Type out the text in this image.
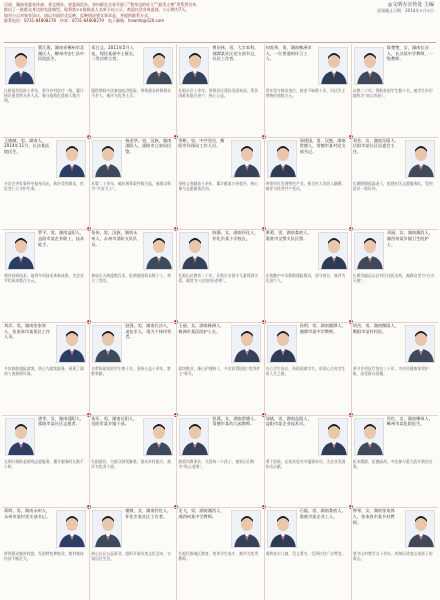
目前，湖南省委宣传部、省文明办、省委网信办、省妇联在全省开展了“我身边的好人”“最美人物”等系列宣传，
推出了一批群众身边的先进典型。现将第××批候选人名单予以公示，欢迎社会各界监督。公示期为7天。
如对公示对象有异议，请以书面形式反映，反映情况要实事求是，并提供联系方式。
联系电话：0731-84808278　传真：0731-84808279　电子邮箱：hnwmb@126.com
◎文明办宣传处 主编
投票截止日期：2014年×月×日
曹江燕，湖南省郴州市北湖区人，郴州市安仁县中医院医生。
扎根基层医院十余年，坚守乡村医疗一线，累计接诊患者两万余人次，参与抢救危重病人数百例。
邓日文，2011年5月入伍，现任某部中士班长，二等功荣立者。
服役期间多次参加抗洪抢险，带领战友转移群众千余人，被评为优秀士兵。
曾庆林，男，大学本科，湘潭某社区党支部书记，社区工作者。
扎根社区十余年，带领居民建设美丽家园，帮扶困难家庭百余户，热心公益。
何尚华，男，湖南株洲市人，一位普通的环卫工人。
常年坚守保洁岗位，拾金不昧数十次，归还失主财物价值数万元。
陈楚楚，女，湖南长沙人，长沙某中学教师，一级教师。
从教二十年，资助贫困学生数十名，被学生亲切地称为“知心妈妈”。
王晓敏，男，湖南人，2014年11月，长沙某医院医生。
多次在突发事件中挺身而出，救治受伤群众，用医者仁心守护生命。
杨金华，男，汉族，湖南邵阳人，邵阳市公安局民警。
从警二十余年，破获刑事案件数百起，被群众称为“平安卫士”。
李彬，男，中共党员，衡阳市环保局工作人员。
坚持义务献血十余年，累计献血万余毫升，热心参与志愿服务活动。
周建国，男，汉族，湖南常德人，常德市某村党支部书记。
带领村民发展特色产业，使全村人均收入翻番，被评为优秀共产党员。
刘芳，女，湖南岳阳人，岳阳市某社区居委会主任。
长期照顾孤寡老人，组建社区志愿服务队，受到居民一致好评。
罗平，男，湖南益阳人，益阳市某企业职工，技术能手。
刻苦钻研技术，取得多项技术革新成果，为企业节约成本数百万元。
张伟，男，汉族，湖南永州人，永州市消防支队队员。
参加灭火救援数百次，抢救被困群众数十人，荣立三等功。
陈静，女，湖南怀化人，怀化市某小学校长。
扎根山区教育二十年，让数百名留守儿童得到关爱，被誉为“山里的好老师”。
黄勇，男，湖南娄底人，娄底市交警支队民警。
在执勤中多次救助遇险群众，坚守岗位，被评为先进个人。
邓丽，女，湖南湘西人，湘西州某乡镇卫生院护士。
长期为偏远山区村民送医送药，被群众誉为“白衣天使”。
刘洋，男，湖南张家界人，张家界市某景区工作人员。
多次救助遇险游客，热心为游客服务，展现了湖南人的热情好客。
赵强，男，湖南长沙人，退伍军人，现为个体经营者。
自费资助贫困学生数十名，坚持公益十余年，默默奉献。
王丽，女，湖南株洲人，株洲市某医院护士长。
爱岗敬业，细心护理病人，多次获得医院“优秀护士”称号。
孙明，男，湖南湘潭人，湘潭市某中学教师。
关心学生成长，资助困难学生，用爱心点亮学生的人生之路。
胡杰，男，湖南衡阳人，衡阳市某村村医。
坚守乡村医疗岗位三十年，为村民健康保驾护航，深受群众爱戴。
唐华，女，湖南邵阳人，邵阳市某社区志愿者。
长期开展助老助残志愿服务，累计服务时长数千小时。
朱军，男，湖南岳阳人，岳阳市某乡镇干部。
扎根基层，为群众排忧解难，推动乡村振兴，被评为优秀干部。
彭燕，女，湖南常德人，常德市某幼儿园教师。
热爱幼教事业，关爱每一个孩子，被家长们称为“贴心老师”。
邹斌，男，湖南益阳人，益阳市某企业技术员。
勇于创新，在技术攻关中屡建奇功，为企业发展作出贡献。
肖红，女，湖南郴州人，郴州市某医院医生。
医术精湛，医德高尚，多次参与重大医疗救治任务。
蒋辉，男，湖南永州人，永州市某村党支部书记。
带领群众脱贫致富，发展特色种植业，使村集体经济不断壮大。
谢敏，女，湖南怀化人，怀化市某社区工作者。
热心社区公益事业，组织开展各类文化活动，丰富居民生活。
龙飞，男，湖南湘西人，湘西州某中学教师。
扎根民族地区教育，培养学生成才，被评为优秀教师。
石磊，男，湖南娄底人，娄底市某企业工人。
勇救落水儿童，见义勇为，受到社会广泛赞誉。
钟琴，女，湖南张家界人，张家界市某乡村教师。
坚守山村教学点十余年，用知识改变山里孩子的命运。
